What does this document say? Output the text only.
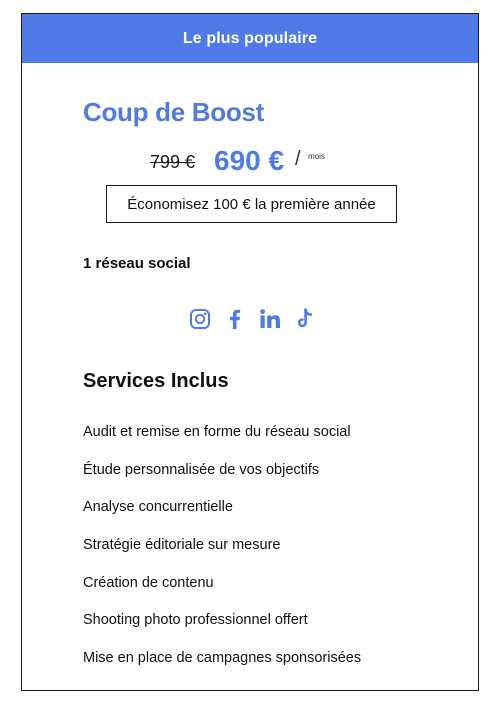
Le plus populaire
Coup de Boost
799 € 690 € / mois
Économisez 100 € la première année
1 réseau social
Services Inclus
Audit et remise en forme du réseau social
Étude personnalisée de vos objectifs
Analyse concurrentielle
Stratégie éditoriale sur mesure
Création de contenu
Shooting photo professionnel offert
Mise en place de campagnes sponsorisées
